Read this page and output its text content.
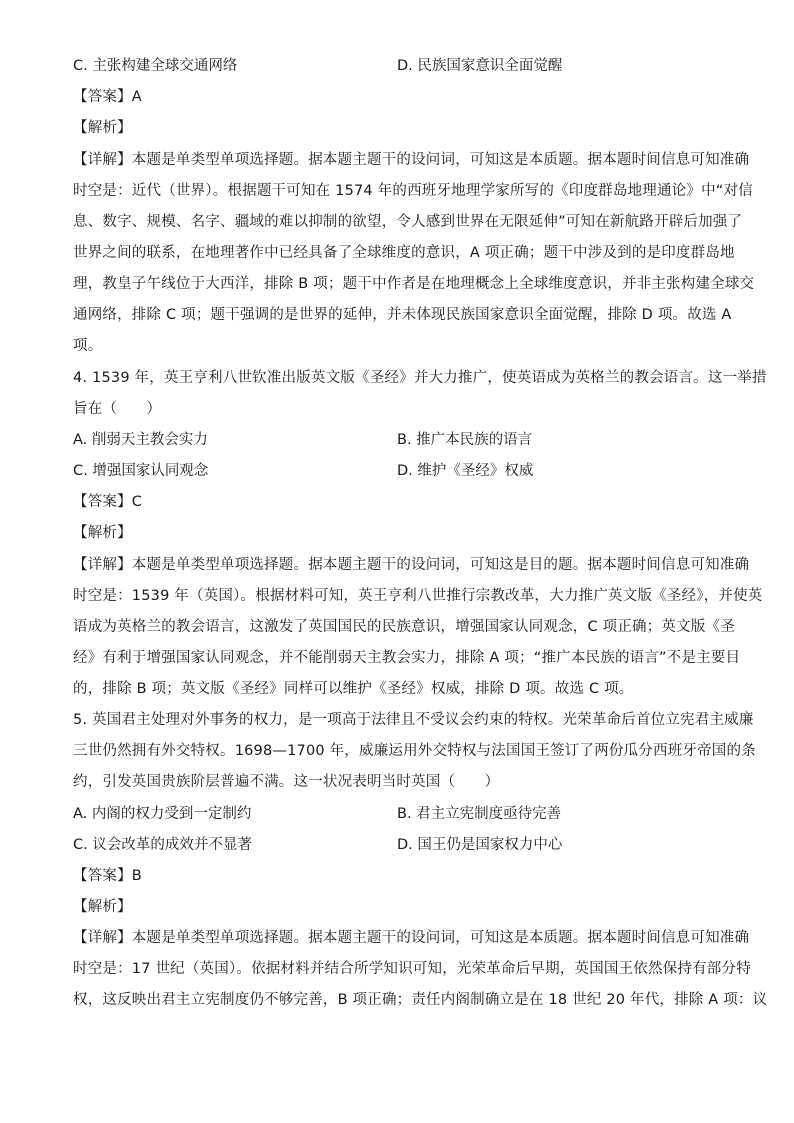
C. 主张构建全球交通网络	D. 民族国家意识全面觉醒
【答案】A
【解析】
【详解】本题是单类型单项选择题。据本题主题干的设问词，可知这是本质题。据本题时间信息可知准确
时空是：近代（世界）。根据题干可知在 1574 年的西班牙地理学家所写的《印度群岛地理通论》中“对信
息、数字、规模、名字、疆域的难以抑制的欲望，令人感到世界在无限延伸”可知在新航路开辟后加强了
世界之间的联系，在地理著作中已经具备了全球维度的意识，A 项正确；题干中涉及到的是印度群岛地
理，教皇子午线位于大西洋，排除 B 项；题干中作者是在地理概念上全球维度意识，并非主张构建全球交
通网络，排除 C 项；题干强调的是世界的延伸，并未体现民族国家意识全面觉醒，排除 D 项。故选 A
项。
4. 1539 年，英王亨利八世钦准出版英文版《圣经》并大力推广，使英语成为英格兰的教会语言。这一举措
旨在（　　）
A. 削弱天主教会实力	B. 推广本民族的语言
C. 增强国家认同观念	D. 维护《圣经》权威
【答案】C
【解析】
【详解】本题是单类型单项选择题。据本题主题干的设问词，可知这是目的题。据本题时间信息可知准确
时空是：1539 年（英国）。根据材料可知，英王亨利八世推行宗教改革，大力推广英文版《圣经》，并使英
语成为英格兰的教会语言，这激发了英国国民的民族意识，增强国家认同观念，C 项正确；英文版《圣
经》有利于增强国家认同观念，并不能削弱天主教会实力，排除 A 项；“推广本民族的语言”不是主要目
的，排除 B 项；英文版《圣经》同样可以维护《圣经》权威，排除 D 项。故选 C 项。
5. 英国君主处理对外事务的权力，是一项高于法律且不受议会约束的特权。光荣革命后首位立宪君主威廉
三世仍然拥有外交特权。1698—1700 年，威廉运用外交特权与法国国王签订了两份瓜分西班牙帝国的条
约，引发英国贵族阶层普遍不满。这一状况表明当时英国（　　）
A. 内阁的权力受到一定制约	B. 君主立宪制度亟待完善
C. 议会改革的成效并不显著	D. 国王仍是国家权力中心
【答案】B
【解析】
【详解】本题是单类型单项选择题。据本题主题干的设问词，可知这是本质题。据本题时间信息可知准确
时空是：17 世纪（英国）。依据材料并结合所学知识可知，光荣革命后早期，英国国王依然保持有部分特
权，这反映出君主立宪制度仍不够完善，B 项正确；责任内阁制确立是在 18 世纪 20 年代，排除 A 项：议
